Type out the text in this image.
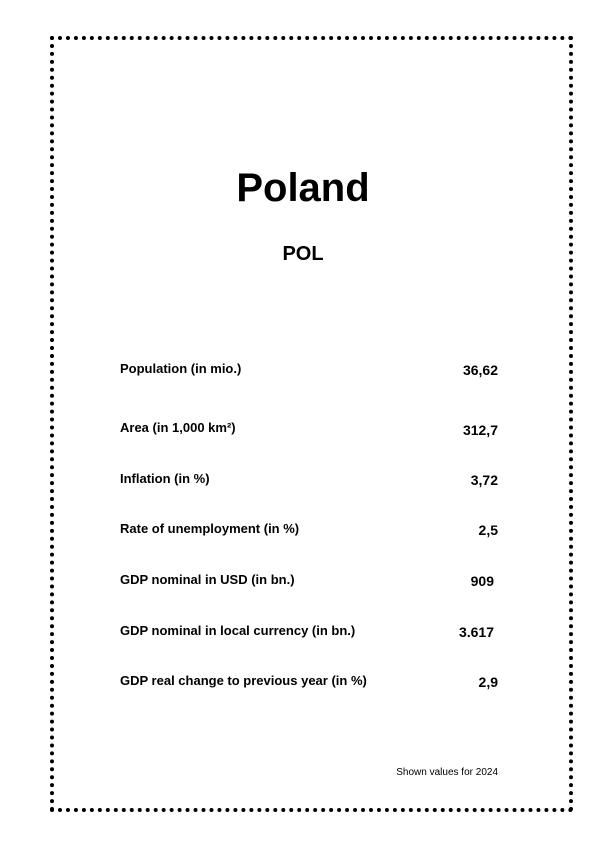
Poland
POL
Population (in mio.)	36,62
Area (in 1,000 km²)	312,7
Inflation (in %)	3,72
Rate of unemployment (in %)	2,5
GDP nominal in USD (in bn.)	909
GDP nominal in local currency (in bn.)	3.617
GDP real change to previous year (in %)	2,9
Shown values for 2024
